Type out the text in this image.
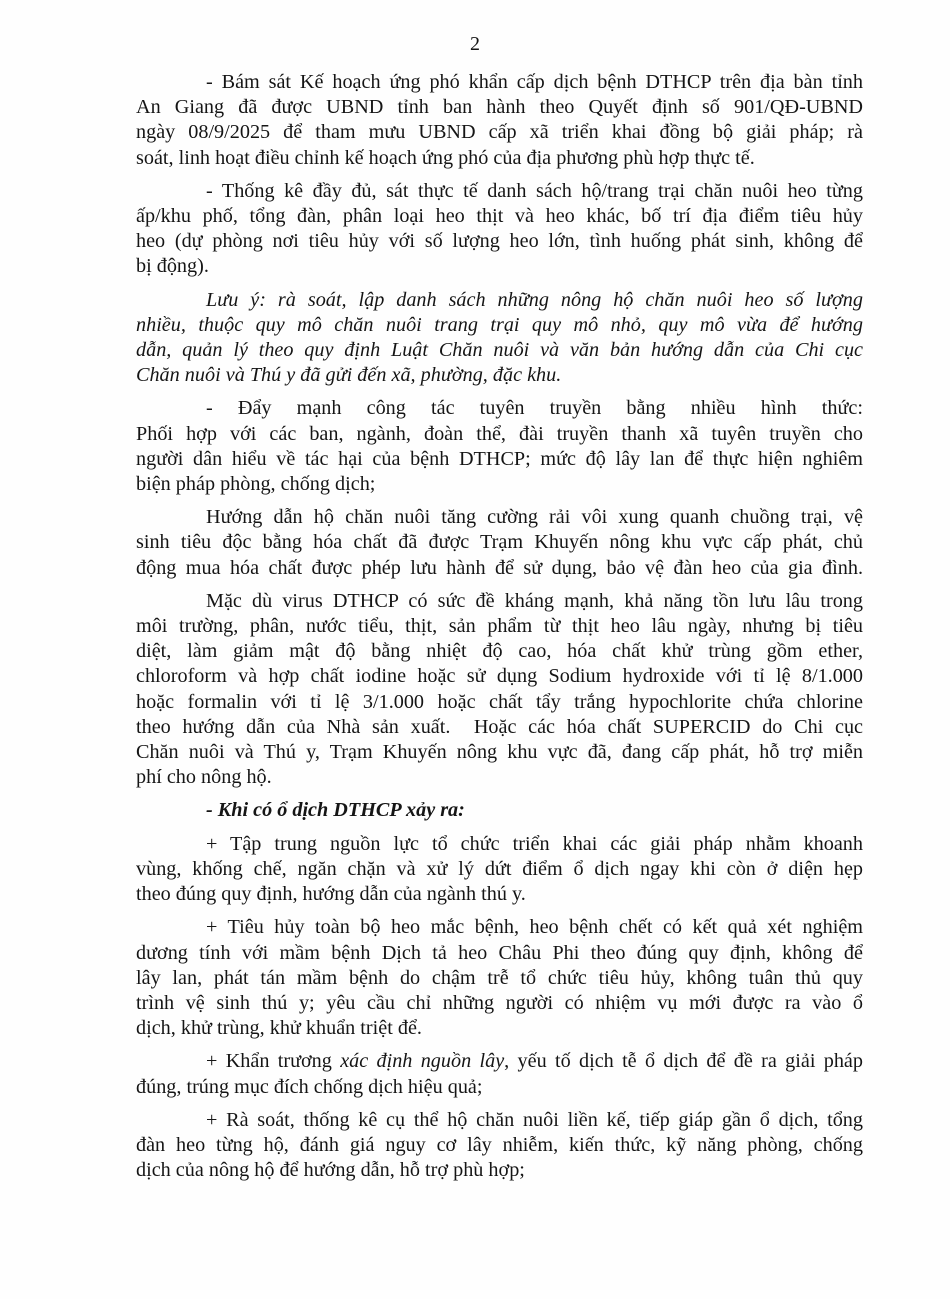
2
- Bám sát Kế hoạch ứng phó khẩn cấp dịch bệnh DTHCP trên địa bàn tỉnh
An Giang đã được UBND tỉnh ban hành theo Quyết định số 901/QĐ-UBND
ngày 08/9/2025 để tham mưu UBND cấp xã triển khai đồng bộ giải pháp; rà
soát, linh hoạt điều chỉnh kế hoạch ứng phó của địa phương phù hợp thực tế.
- Thống kê đầy đủ, sát thực tế danh sách hộ/trang trại chăn nuôi heo từng
ấp/khu phố, tổng đàn, phân loại heo thịt và heo khác, bố trí địa điểm tiêu hủy
heo (dự phòng nơi tiêu hủy với số lượng heo lớn, tình huống phát sinh, không để
bị động).
Lưu ý: rà soát, lập danh sách những nông hộ chăn nuôi heo số lượng
nhiều, thuộc quy mô chăn nuôi trang trại quy mô nhỏ, quy mô vừa để hướng
dẫn, quản lý theo quy định Luật Chăn nuôi và văn bản hướng dẫn của Chi cục
Chăn nuôi và Thú y đã gửi đến xã, phường, đặc khu.
- Đẩy mạnh công tác tuyên truyền bằng nhiều hình thức:
Phối hợp với các ban, ngành, đoàn thể, đài truyền thanh xã tuyên truyền cho
người dân hiểu về tác hại của bệnh DTHCP; mức độ lây lan để thực hiện nghiêm
biện pháp phòng, chống dịch;
Hướng dẫn hộ chăn nuôi tăng cường rải vôi xung quanh chuồng trại, vệ
sinh tiêu độc bằng hóa chất đã được Trạm Khuyến nông khu vực cấp phát, chủ
động mua hóa chất được phép lưu hành để sử dụng, bảo vệ đàn heo của gia đình.
Mặc dù virus DTHCP có sức đề kháng mạnh, khả năng tồn lưu lâu trong
môi trường, phân, nước tiểu, thịt, sản phẩm từ thịt heo lâu ngày, nhưng bị tiêu
diệt, làm giảm mật độ bằng nhiệt độ cao, hóa chất khử trùng gồm ether,
chloroform và hợp chất iodine hoặc sử dụng Sodium hydroxide với tỉ lệ 8/1.000
hoặc formalin với tỉ lệ 3/1.000 hoặc chất tẩy trắng hypochlorite chứa chlorine
theo hướng dẫn của Nhà sản xuất.  Hoặc các hóa chất SUPERCID do Chi cục
Chăn nuôi và Thú y, Trạm Khuyến nông khu vực đã, đang cấp phát, hỗ trợ miễn
phí cho nông hộ.
- Khi có ổ dịch DTHCP xảy ra:
+ Tập trung nguồn lực tổ chức triển khai các giải pháp nhằm khoanh
vùng, khống chế, ngăn chặn và xử lý dứt điểm ổ dịch ngay khi còn ở diện hẹp
theo đúng quy định, hướng dẫn của ngành thú y.
+ Tiêu hủy toàn bộ heo mắc bệnh, heo bệnh chết có kết quả xét nghiệm
dương tính với mầm bệnh Dịch tả heo Châu Phi theo đúng quy định, không để
lây lan, phát tán mầm bệnh do chậm trễ tổ chức tiêu hủy, không tuân thủ quy
trình vệ sinh thú y; yêu cầu chỉ những người có nhiệm vụ mới được ra vào ổ
dịch, khử trùng, khử khuẩn triệt để.
+ Khẩn trương xác định nguồn lây, yếu tố dịch tễ ổ dịch để đề ra giải pháp
đúng, trúng mục đích chống dịch hiệu quả;
+ Rà soát, thống kê cụ thể hộ chăn nuôi liền kế, tiếp giáp gần ổ dịch, tổng
đàn heo từng hộ, đánh giá nguy cơ lây nhiễm, kiến thức, kỹ năng phòng, chống
dịch của nông hộ để hướng dẫn, hỗ trợ phù hợp;
